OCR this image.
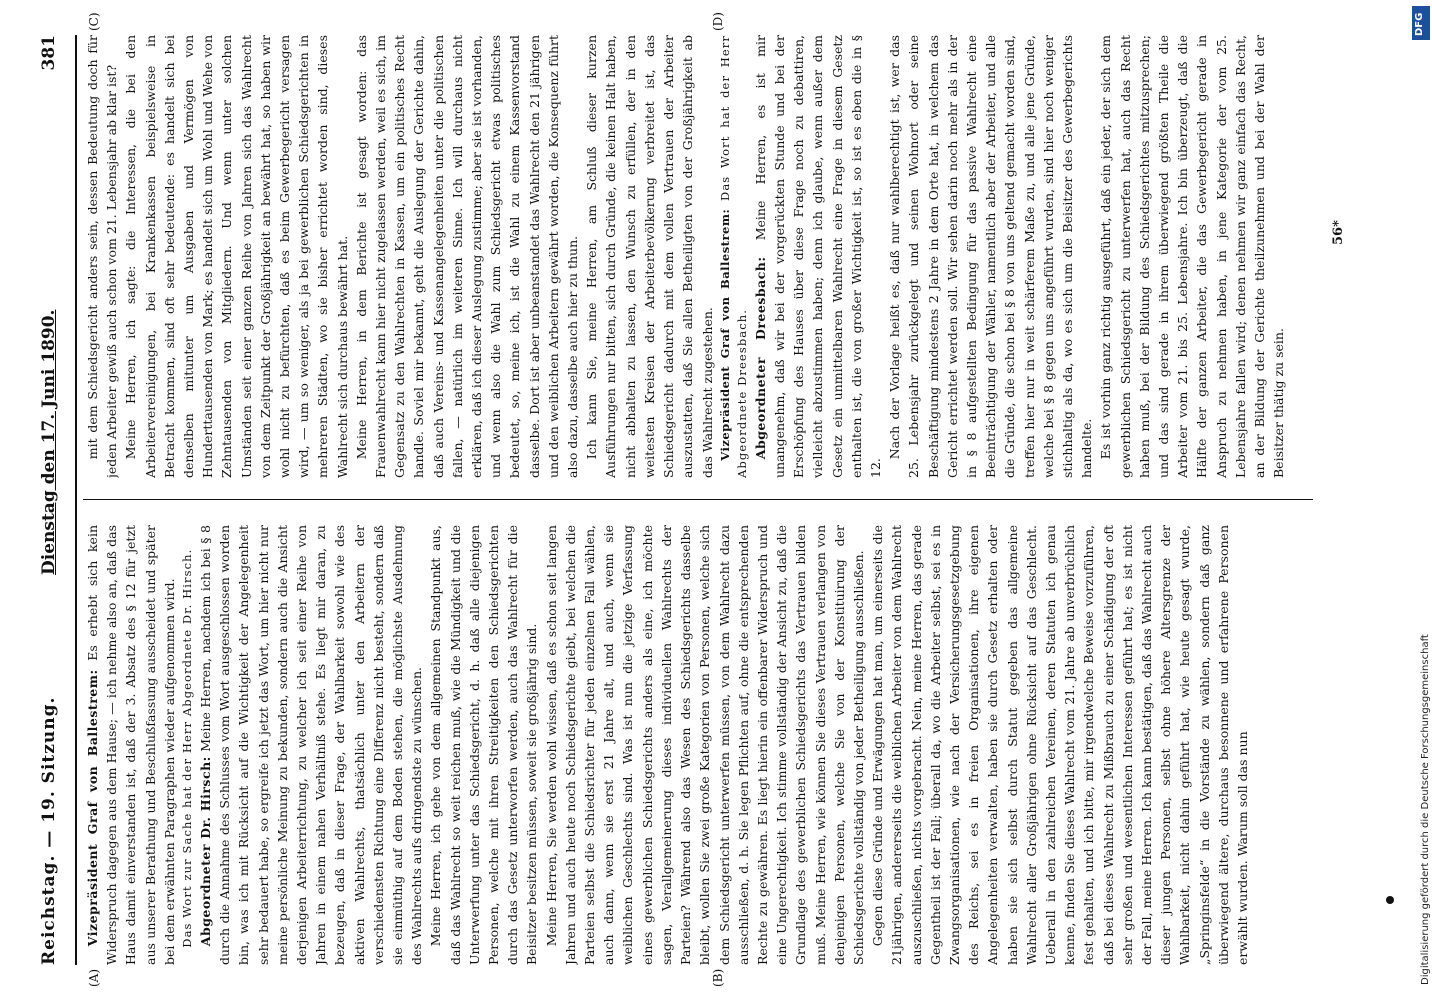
Reichstag. — 19. Sitzung.
Dienstag den 17. Juni 1890.
381
(A)	(B)
(C)	(D)

Vizepräsident Graf von Ballestrem: Es erhebt sich kein Widerspruch dagegen aus dem Hause; — ich nehme also an, daß das Haus damit einverstanden ist, daß der 3. Absatz des § 12 für jetzt aus unserer Berathung und Beschlußfassung ausscheidet und später bei dem erwähnten Paragraphen wieder aufgenommen wird. Das Wort zur Sache hat der Herr Abgeordnete Dr. Hirsch. Abgeordneter Dr. Hirsch: Meine Herren, nachdem ich bei § 8 durch die Annahme des Schlusses vom Wort ausgeschlossen worden bin, was ich mit Rücksicht auf die Wichtigkeit der Angelegenheit sehr bedauert habe, so ergreife ich jetzt das Wort, um hier nicht nur meine persönliche Meinung zu bekunden, sondern auch die Ansicht derjenigen Arbeiterrichtung, zu welcher ich seit einer Reihe von Jahren in einem nahen Verhältniß stehe. Es liegt mir daran, zu bezeugen, daß in dieser Frage, der Wahlbarkeit sowohl wie des aktiven Wahlrechts, thatsächlich unter den Arbeitern der verschiedensten Richtung eine Differenz nicht besteht, sondern daß sie einmüthig auf dem Boden stehen, die möglichste Ausdehnung des Wahlrechts aufs dringendste zu wünschen. Meine Herren, ich gehe von dem allgemeinen Standpunkt aus, daß das Wahlrecht so weit reichen muß, wie die Mündigkeit und die Unterwerfung unter das Schiedsgericht, d. h. daß alle diejenigen Personen, welche mit ihren Streitigkeiten den Schiedsgerichten durch das Gesetz unterworfen werden, auch das Wahlrecht für die Beisitzer besitzen müssen, soweit sie großjährig sind. Meine Herren, Sie werden wohl wissen, daß es schon seit langen Jahren und auch heute noch Schiedsgerichte giebt, bei welchen die Parteien selbst die Schiedsrichter für jeden einzelnen Fall wählen, auch dann, wenn sie erst 21 Jahre alt, und auch, wenn sie weiblichen Geschlechts sind. Was ist nun die jetzige Verfassung eines gewerblichen Schiedsgerichts anders als eine, ich möchte sagen, Verallgemeinerung dieses individuellen Wahlrechts der Parteien? Während also das Wesen des Schiedsgerichts dasselbe bleibt, wollen Sie zwei große Kategorien von Personen, welche sich dem Schiedsgericht unterwerfen müssen, von dem Wahlrecht dazu ausschließen, d. h. Sie legen Pflichten auf, ohne die entsprechenden Rechte zu gewähren. Es liegt hierin ein offenbarer Widerspruch und eine Ungerechtigkeit. Ich stimme vollständig der Ansicht zu, daß die Grundlage des gewerblichen Schiedsgerichts das Vertrauen bilden muß. Meine Herren, wie können Sie dieses Vertrauen verlangen von denjenigen Personen, welche Sie von der Konstituirung der Schiedsgerichte vollständig von jeder Betheiligung ausschließen. Gegen diese Gründe und Erwägungen hat man, um einerseits die 21jährigen, andererseits die weiblichen Arbeiter von dem Wahlrecht auszuschließen, nichts vorgebracht. Nein, meine Herren, das gerade Gegentheil ist der Fall; überall da, wo die Arbeiter selbst, sei es in Zwangsorganisationen, wie nach der Versicherungsgesetzgebung des Reichs, sei es in freien Organisationen, ihre eigenen Angelegenheiten verwalten, haben sie durch Gesetz erhalten oder haben sie sich selbst durch Statut gegeben das allgemeine Wahlrecht aller Großjährigen ohne Rücksicht auf das Geschlecht. Ueberall in den zahlreichen Vereinen, deren Statuten ich genau kenne, finden Sie dieses Wahlrecht vom 21. Jahre ab unverbrüchlich fest gehalten, und ich bitte, mir irgendwelche Beweise vorzuführen, daß bei dieses Wahlrecht zu Mißbrauch zu einer Schädigung der oft sehr großen und wesentlichen Interessen geführt hat; es ist nicht der Fall, meine Herren. Ich kann bestätigen, daß das Wahlrecht auch dieser jungen Personen, selbst ohne höhere Altersgrenze der Wahlbarkeit, nicht dahin geführt hat, wie heute gesagt wurde, „Springinsfelde“ in die Vorstände zu wählen, sondern daß ganz überwiegend ältere, durchaus besonnene und erfahrene Personen erwählt wurden. Warum soll das nun

mit dem Schiedsgericht anders sein, dessen Bedeutung doch für jeden Arbeiter gewiß auch schon vom 21. Lebensjahr ab klar ist? Meine Herren, ich sagte: die Interessen, die bei den Arbeitervereinigungen, bei Krankenkassen beispielsweise in Betracht kommen, sind oft sehr bedeutende: es handelt sich bei denselben mitunter um Ausgaben und Vermögen von Hunderttausenden von Mark; es handelt sich um Wohl und Wehe von Zehntausenden von Mitgliedern. Und wenn unter solchen Umständen seit einer ganzen Reihe von Jahren sich das Wahlrecht von dem Zeitpunkt der Großjährigkeit an bewährt hat, so haben wir wohl nicht zu befürchten, daß es beim Gewerbegericht versagen wird, — um so weniger, als ja bei gewerblichen Schiedsgerichten in mehreren Städten, wo sie bisher errichtet worden sind, dieses Wahlrecht sich durchaus bewährt hat. Meine Herren, in dem Berichte ist gesagt worden: das Frauenwahlrecht kann hier nicht zugelassen werden, weil es sich, im Gegensatz zu den Wahlrechten in Kassen, um ein politisches Recht handle. Soviel mir bekannt, geht die Auslegung der Gerichte dahin, daß auch Vereins- und Kassenangelegenheiten unter die politischen fallen, — natürlich im weiteren Sinne. Ich will durchaus nicht erklären, daß ich dieser Auslegung zustimme; aber sie ist vorhanden, und wenn also die Wahl zum Schiedsgericht etwas politisches bedeutet, so, meine ich, ist die Wahl zu einem Kassenvorstand dasselbe. Dort ist aber unbeanstandet das Wahlrecht den 21 jährigen und den weiblichen Arbeitern gewährt worden, die Konsequenz führt also dazu, dasselbe auch hier zu thun. Ich kann Sie, meine Herren, am Schluß dieser kurzen Ausführungen nur bitten, sich durch Gründe, die keinen Halt haben, nicht abhalten zu lassen, den Wunsch zu erfüllen, der in den weitesten Kreisen der Arbeiterbevölkerung verbreitet ist, das Schiedsgericht dadurch mit dem vollen Vertrauen der Arbeiter auszustatten, daß Sie allen Betheiligten von der Großjährigkeit ab das Wahlrecht zugestehen. Vizepräsident Graf von Ballestrem: Das Wort hat der Herr Abgeordnete Dreesbach. Abgeordneter Dreesbach: Meine Herren, es ist mir unangenehm, daß wir bei der vorgerückten Stunde und bei der Erschöpfung des Hauses über diese Frage noch zu debattiren, vielleicht abzustimmen haben; denn ich glaube, wenn außer dem Gesetz ein unmittelbaren Wahlrecht eine Frage in diesem Gesetz enthalten ist, die von großer Wichtigkeit ist, so ist es eben die in § 12.

Nach der Vorlage heißt es, daß nur wahlberechtigt ist, wer das 25. Lebensjahr zurückgelegt und seinen Wohnort oder seine Beschäftigung mindestens 2 Jahre in dem Orte hat, in welchem das Gericht errichtet werden soll. Wir sehen darin noch mehr als in der in § 8 aufgestellten Bedingung für das passive Wahlrecht eine Beeinträchtigung der Wähler, namentlich aber der Arbeiter, und alle die Gründe, die schon bei § 8 von uns geltend gemacht worden sind, treffen hier nur in weit schärferem Maße zu, und alle jene Gründe, welche bei § 8 gegen uns angeführt wurden, sind hier noch weniger stichhaltig als da, wo es sich um die Beisitzer des Gewerbegerichts handelte. Es ist vorhin ganz richtig ausgeführt, daß ein jeder, der sich dem gewerblichen Schiedsgericht zu unterwerfen hat, auch das Recht haben muß, bei der Bildung des Schiedsgerichtes mitzusprechen; und das sind gerade in ihrem überwiegend größten Theile die Arbeiter vom 21. bis 25. Lebensjahre. Ich bin überzeugt, daß die Hälfte der ganzen Arbeiter, die das Gewerbegericht gerade in Anspruch zu nehmen haben, in jene Kategorie der vom 25. Lebensjahre fallen wird; denen nehmen wir ganz einfach das Recht, an der Bildung der Gerichte theilzunehmen und bei der Wahl der Beisitzer thätig zu sein.

56*
Digitalisierung gefördert durch die Deutsche Forschungsgemeinschaft
DFG
